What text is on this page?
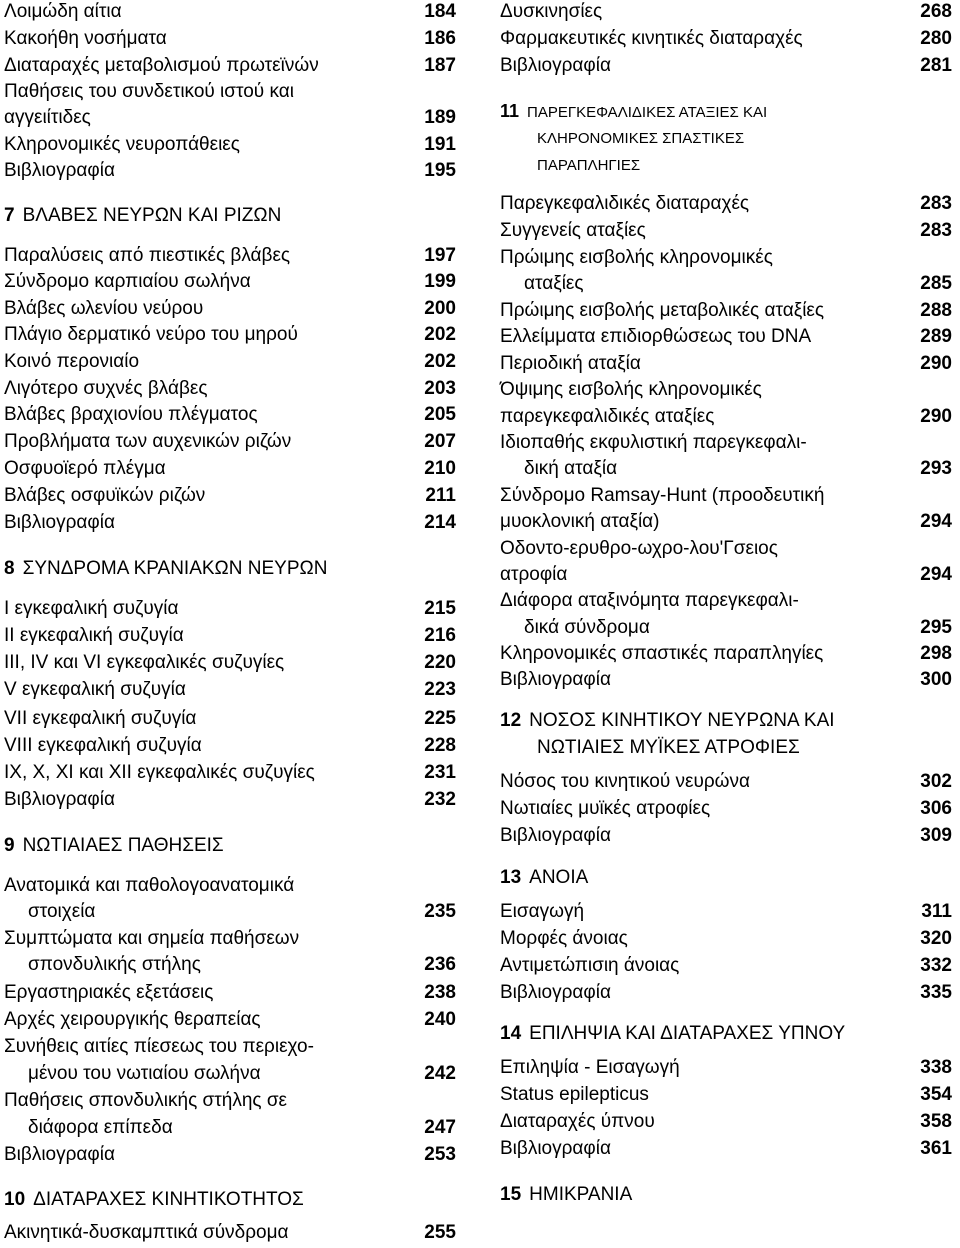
Λοιμώδη αίτια	184
Κακοήθη νοσήματα	186
Διαταραχές μεταβολισμού πρωτεϊνών	187
Παθήσεις του συνδετικού ιστού και
αγγειίτιδες	189
Κληρονομικές νευροπάθειες	191
Βιβλιογραφία	195
7 ΒΛΑΒΕΣ ΝΕΥΡΩΝ ΚΑΙ ΡΙΖΩΝ
Παραλύσεις από πιεστικές βλάβες	197
Σύνδρομο καρπιαίου σωλήνα	199
Βλάβες ωλενίου νεύρου	200
Πλάγιο δερματικό νεύρο του μηρού	202
Κοινό περονιαίο	202
Λιγότερο συχνές βλάβες	203
Βλάβες βραχιονίου πλέγματος	205
Προβλήματα των αυχενικών ριζών	207
Οσφυοϊερό πλέγμα	210
Βλάβες οσφυϊκών ριζών	211
Βιβλιογραφία	214
8 ΣΥΝΔΡΟΜΑ ΚΡΑΝΙΑΚΩΝ ΝΕΥΡΩΝ
Ι εγκεφαλική συζυγία	215
ΙΙ εγκεφαλική συζυγία	216
ΙΙΙ, IV και VI εγκεφαλικές συζυγίες	220
V εγκεφαλική συζυγία	223
VII εγκεφαλική συζυγία	225
VIII εγκεφαλική συζυγία	228
IX, X, XI και XII εγκεφαλικές συζυγίες	231
Βιβλιογραφία	232
9 ΝΩΤΙΑΙΑΕΣ ΠΑΘΗΣΕΙΣ
Ανατομικά και παθολογοανατομικά
στοιχεία	235
Συμπτώματα και σημεία παθήσεων
σπονδυλικής στήλης	236
Εργαστηριακές εξετάσεις	238
Αρχές χειρουργικής θεραπείας	240
Συνήθεις αιτίες πίεσεως του περιεχο-
μένου του νωτιαίου σωλήνα	242
Παθήσεις σπονδυλικής στήλης σε
διάφορα επίπεδα	247
Βιβλιογραφία	253
10 ΔΙΑΤΑΡΑΧΕΣ ΚΙΝΗΤΙΚΟΤΗΤΟΣ
Ακινητικά-δυσκαμπτικά σύνδρομα	255
Δυσκινησίες	268
Φαρμακευτικές κινητικές διαταραχές	280
Βιβλιογραφία	281
11 ΠΑΡΕΓΚΕΦΑΛΙΔΙΚΕΣ ΑΤΑΞΙΕΣ ΚΑΙ
ΚΛΗΡΟΝΟΜΙΚΕΣ ΣΠΑΣΤΙΚΕΣ
ΠΑΡΑΠΛΗΓΙΕΣ
Παρεγκεφαλιδικές διαταραχές	283
Συγγενείς αταξίες	283
Πρώιμης εισβολής κληρονομικές
αταξίες	285
Πρώιμης εισβολής μεταβολικές αταξίες	288
Ελλείμματα επιδιορθώσεως του DNA	289
Περιοδική αταξία	290
Όψιμης εισβολής κληρονομικές
παρεγκεφαλιδικές αταξίες	290
Ιδιοπαθής εκφυλιστική παρεγκεφαλι-
δική αταξία	293
Σύνδρομο Ramsay-Hunt (προοδευτική
μυοκλονική αταξία)	294
Οδοντο-ερυθρο-ωχρο-λου'Γσειος
ατροφία	294
Διάφορα αταξινόμητα παρεγκεφαλι-
δικά σύνδρομα	295
Κληρονομικές σπαστικές παραπληγίες	298
Βιβλιογραφία	300
12 ΝΟΣΟΣ ΚΙΝΗΤΙΚΟΥ ΝΕΥΡΩΝΑ ΚΑΙ
ΝΩΤΙΑΙΕΣ ΜΥΪΚΕΣ ΑΤΡΟΦΙΕΣ
Νόσος του κινητικού νευρώνα	302
Νωτιαίες μυϊκές ατροφίες	306
Βιβλιογραφία	309
13 ΑΝΟΙΑ
Εισαγωγή	311
Μορφές άνοιας	320
Αντιμετώπισιη άνοιας	332
Βιβλιογραφία	335
14 ΕΠΙΛΗΨΙΑ ΚΑΙ ΔΙΑΤΑΡΑΧΕΣ ΥΠΝΟΥ
Επιληψία - Εισαγωγή	338
Status epilepticus	354
Διαταραχές ύπνου	358
Βιβλιογραφία	361
15 ΗΜΙΚΡΑΝΙΑ
